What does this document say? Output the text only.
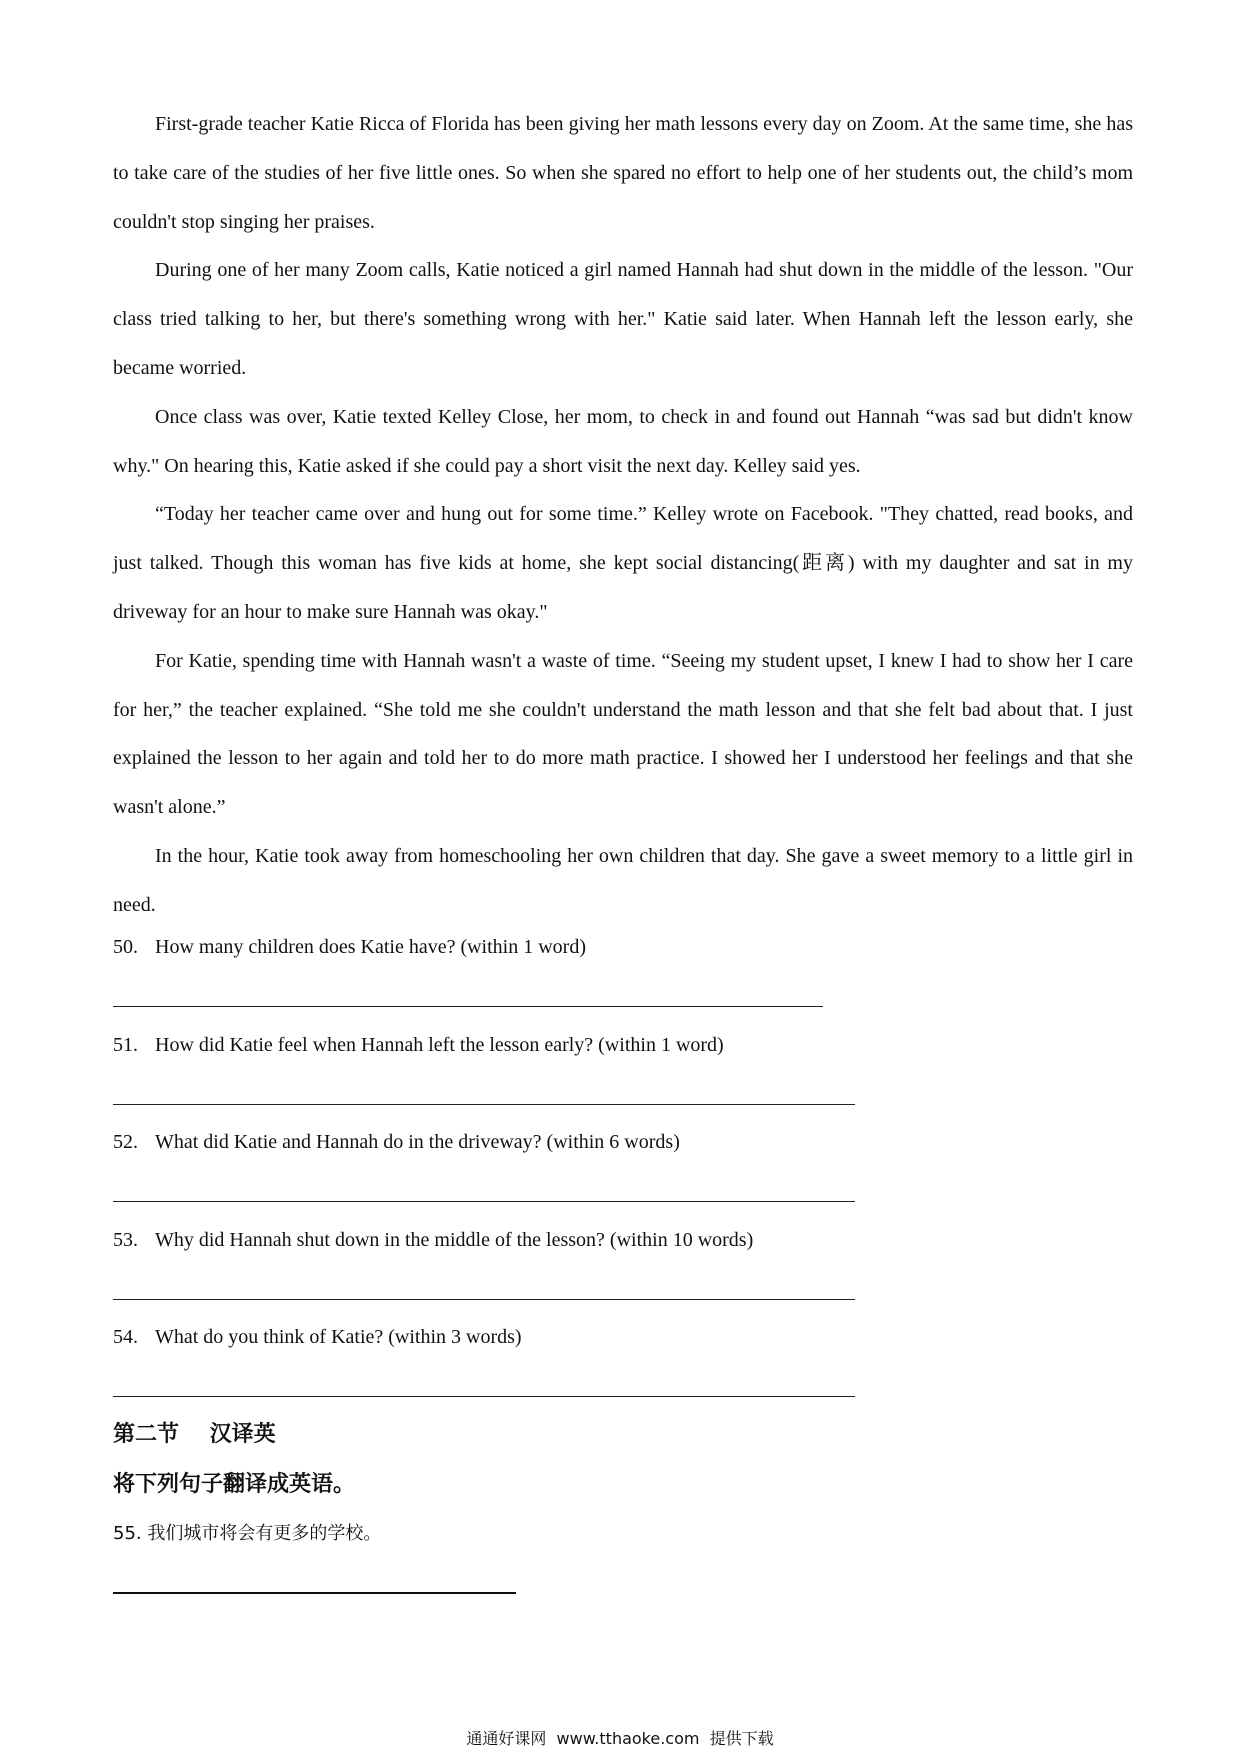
First-grade teacher Katie Ricca of Florida has been giving her math lessons every day on Zoom. At the same time, she has to take care of the studies of her five little ones. So when she spared no effort to help one of her students out, the child’s mom couldn't stop singing her praises.

During one of her many Zoom calls, Katie noticed a girl named Hannah had shut down in the middle of the lesson. "Our class tried talking to her, but there's something wrong with her." Katie said later. When Hannah left the lesson early, she became worried.

Once class was over, Katie texted Kelley Close, her mom, to check in and found out Hannah “was sad but didn't know why." On hearing this, Katie asked if she could pay a short visit the next day. Kelley said yes.

“Today her teacher came over and hung out for some time.” Kelley wrote on Facebook. "They chatted, read books, and just talked. Though this woman has five kids at home, she kept social distancing(距离) with my daughter and sat in my driveway for an hour to make sure Hannah was okay."

For Katie, spending time with Hannah wasn't a waste of time. “Seeing my student upset, I knew I had to show her I care for her,” the teacher explained. “She told me she couldn't understand the math lesson and that she felt bad about that. I just explained the lesson to her again and told her to do more math practice. I showed her I understood her feelings and that she wasn't alone.”

In the hour, Katie took away from homeschooling her own children that day. She gave a sweet memory to a little girl in need.

50. How many children does Katie have? (within 1 word)

51. How did Katie feel when Hannah left the lesson early? (within 1 word)

52. What did Katie and Hannah do in the driveway? (within 6 words)

53. Why did Hannah shut down in the middle of the lesson? (within 10 words)

54. What do you think of Katie? (within 3 words)

第二节    汉译英

将下列句子翻译成英语。

55. 我们城市将会有更多的学校。

通通好课网  www.tthaoke.com  提供下载
